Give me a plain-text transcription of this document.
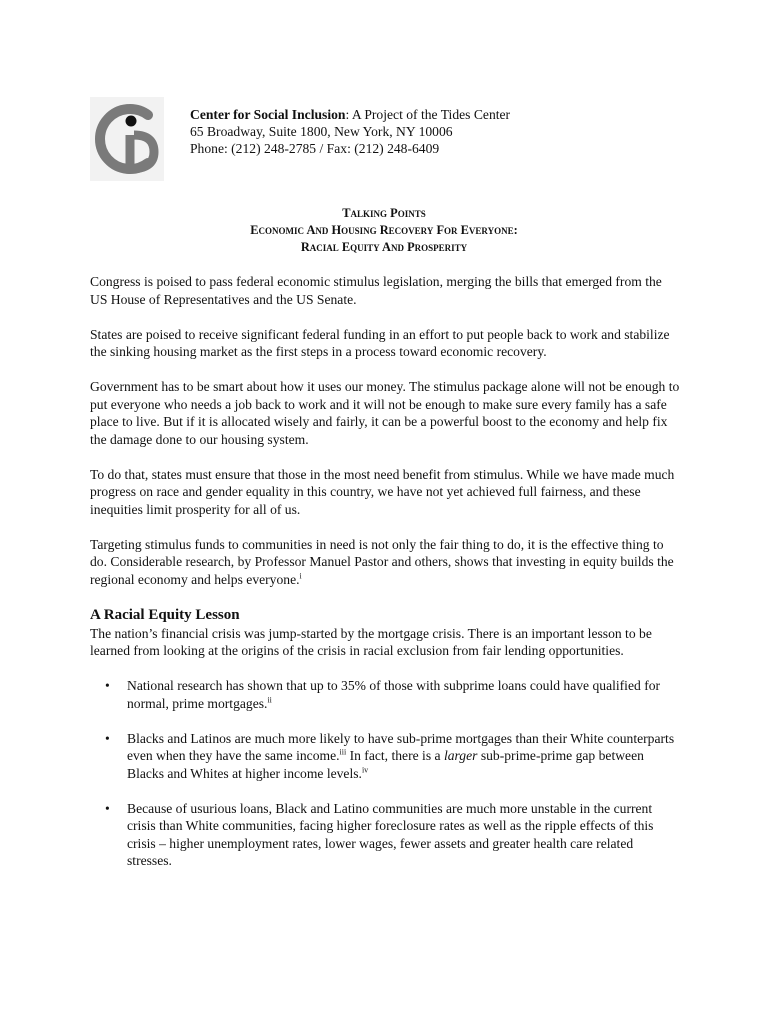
Center for Social Inclusion: A Project of the Tides Center
65 Broadway, Suite 1800, New York, NY 10006
Phone: (212) 248-2785 / Fax: (212) 248-6409
Talking Points
Economic And Housing Recovery For Everyone:
Racial Equity And Prosperity

Congress is poised to pass federal economic stimulus legislation, merging the bills that emerged from the US House of Representatives and the US Senate.

States are poised to receive significant federal funding in an effort to put people back to work and stabilize the sinking housing market as the first steps in a process toward economic recovery.

Government has to be smart about how it uses our money. The stimulus package alone will not be enough to put everyone who needs a job back to work and it will not be enough to make sure every family has a safe place to live. But if it is allocated wisely and fairly, it can be a powerful boost to the economy and help fix the damage done to our housing system.

To do that, states must ensure that those in the most need benefit from stimulus. While we have made much progress on race and gender equality in this country, we have not yet achieved full fairness, and these inequities limit prosperity for all of us.

Targeting stimulus funds to communities in need is not only the fair thing to do, it is the effective thing to do. Considerable research, by Professor Manuel Pastor and others, shows that investing in equity builds the regional economy and helps everyone.$^i$

A Racial Equity Lesson

The nation’s financial crisis was jump-started by the mortgage crisis. There is an important lesson to be learned from looking at the origins of the crisis in racial exclusion from fair lending opportunities.

• National research has shown that up to 35% of those with subprime loans could have qualified for normal, prime mortgages.$^{ii}$
• Blacks and Latinos are much more likely to have sub-prime mortgages than their White counterparts even when they have the same income.$^{iii}$ In fact, there is a larger sub-prime-prime gap between Blacks and Whites at higher income levels.$^{iv}$
• Because of usurious loans, Black and Latino communities are much more unstable in the current crisis than White communities, facing higher foreclosure rates as well as the ripple effects of this crisis – higher unemployment rates, lower wages, fewer assets and greater health care related stresses.
